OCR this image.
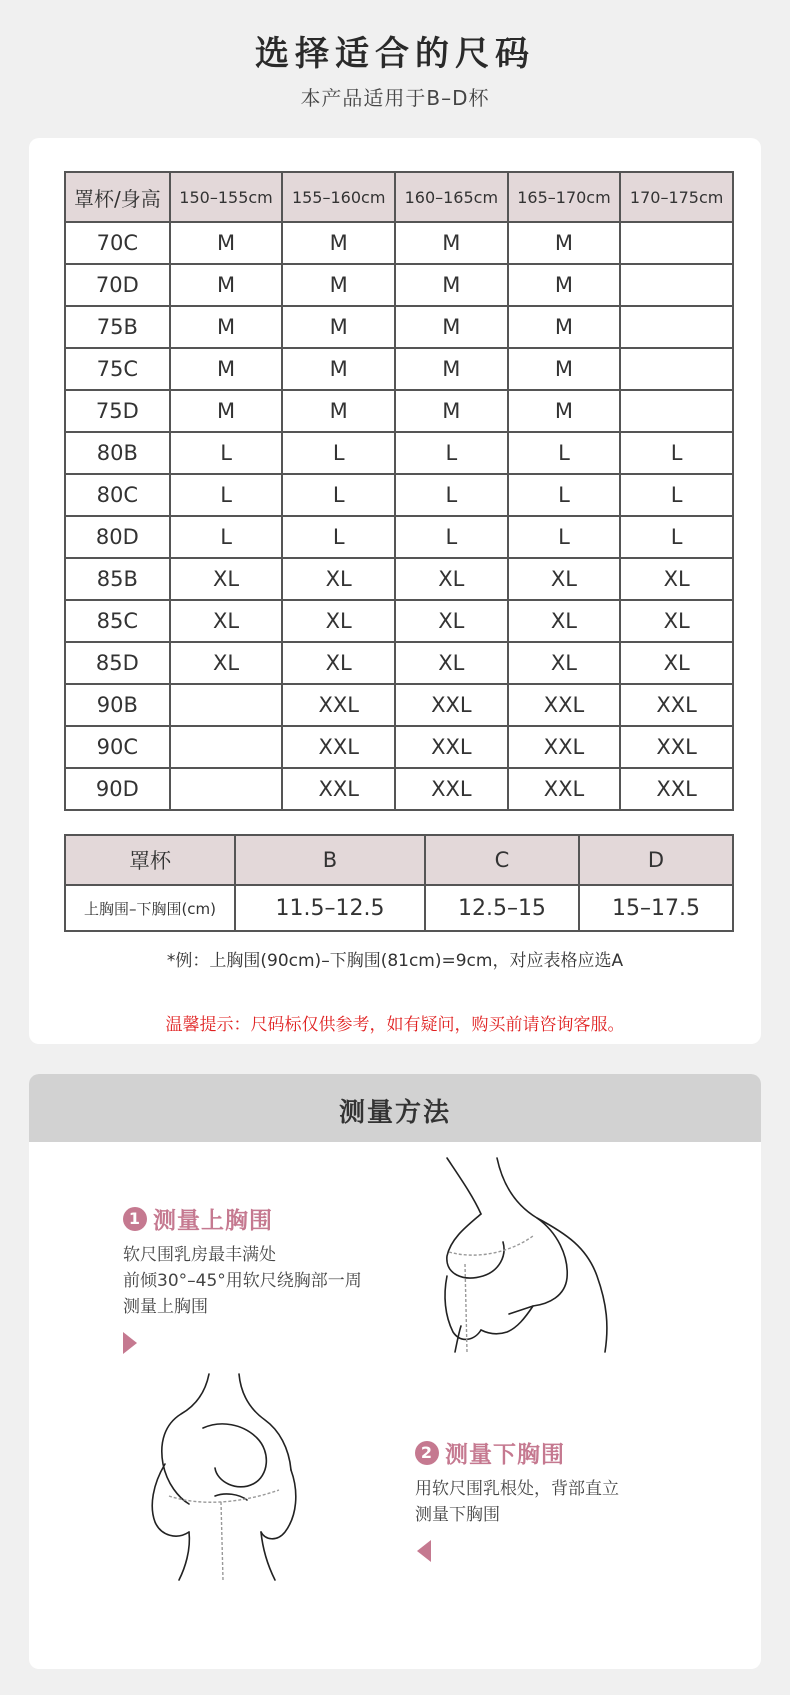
选择适合的尺码
本产品适用于B–D杯
罩杯/身高	150–155cm	155–160cm	160–165cm	165–170cm	170–175cm
70C	M	M	M	M	
70D	M	M	M	M	
75B	M	M	M	M	
75C	M	M	M	M	
75D	M	M	M	M	
80B	L	L	L	L	L
80C	L	L	L	L	L
80D	L	L	L	L	L
85B	XL	XL	XL	XL	XL
85C	XL	XL	XL	XL	XL
85D	XL	XL	XL	XL	XL
90B		XXL	XXL	XXL	XXL
90C		XXL	XXL	XXL	XXL
90D		XXL	XXL	XXL	XXL
罩杯	B	C	D
上胸围–下胸围(cm)	11.5–12.5	12.5–15	15–17.5
*例：上胸围(90cm)–下胸围(81cm)=9cm，对应表格应选A
温馨提示：尺码标仅供参考，如有疑问，购买前请咨询客服。
测量方法
1 测量上胸围
软尺围乳房最丰满处
前倾30°–45°用软尺绕胸部一周
测量上胸围
2 测量下胸围
用软尺围乳根处，背部直立
测量下胸围
